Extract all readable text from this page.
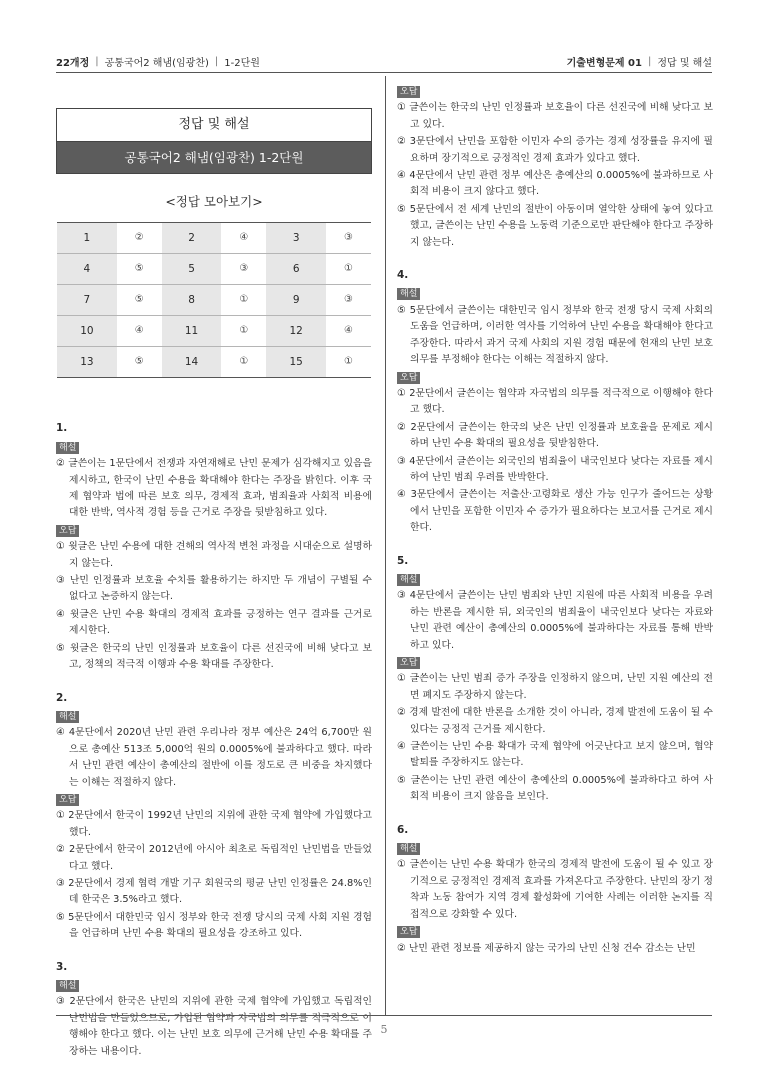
22개정 | 공통국어2 해냄(임광찬) | 1-2단원	기출변형문제 01 | 정답 및 해설
정답 및 해설
공통국어2 해냄(임광찬) 1-2단원
<정답 모아보기>
1	②	2	④	3	③
4	⑤	5	③	6	①
7	⑤	8	①	9	③
10	④	11	①	12	④
13	⑤	14	①	15	①
1.
해설
② 글쓴이는 1문단에서 전쟁과 자연재해로 난민 문제가 심각해지고 있음을 제시하고, 한국이 난민 수용을 확대해야 한다는 주장을 밝힌다. 이후 국제 협약과 법에 따른 보호 의무, 경제적 효과, 범죄율과 사회적 비용에 대한 반박, 역사적 경험 등을 근거로 주장을 뒷받침하고 있다.
오답
① 윗글은 난민 수용에 대한 견해의 역사적 변천 과정을 시대순으로 설명하지 않는다.
③ 난민 인정률과 보호율 수치를 활용하기는 하지만 두 개념이 구별될 수 없다고 논증하지 않는다.
④ 윗글은 난민 수용 확대의 경제적 효과를 긍정하는 연구 결과를 근거로 제시한다.
⑤ 윗글은 한국의 난민 인정률과 보호율이 다른 선진국에 비해 낮다고 보고, 정책의 적극적 이행과 수용 확대를 주장한다.
2.
해설
④ 4문단에서 2020년 난민 관련 우리나라 정부 예산은 24억 6,700만 원으로 총예산 513조 5,000억 원의 0.0005%에 불과하다고 했다. 따라서 난민 관련 예산이 총예산의 절반에 이를 정도로 큰 비중을 차지했다는 이해는 적절하지 않다.
오답
① 2문단에서 한국이 1992년 난민의 지위에 관한 국제 협약에 가입했다고 했다.
② 2문단에서 한국이 2012년에 아시아 최초로 독립적인 난민법을 만들었다고 했다.
③ 2문단에서 경제 협력 개발 기구 회원국의 평균 난민 인정률은 24.8%인데 한국은 3.5%라고 했다.
⑤ 5문단에서 대한민국 임시 정부와 한국 전쟁 당시의 국제 사회 지원 경험을 언급하며 난민 수용 확대의 필요성을 강조하고 있다.
3.
해설
③ 2문단에서 한국은 난민의 지위에 관한 국제 협약에 가입했고 독립적인 난민법을 만들었으므로, 가입된 협약과 자국법의 의무를 적극적으로 이행해야 한다고 했다. 이는 난민 보호 의무에 근거해 난민 수용 확대를 주장하는 내용이다.
오답
① 글쓴이는 한국의 난민 인정률과 보호율이 다른 선진국에 비해 낮다고 보고 있다.
② 3문단에서 난민을 포함한 이민자 수의 증가는 경제 성장률을 유지에 필요하며 장기적으로 긍정적인 경제 효과가 있다고 했다.
④ 4문단에서 난민 관련 정부 예산은 총예산의 0.0005%에 불과하므로 사회적 비용이 크지 않다고 했다.
⑤ 5문단에서 전 세계 난민의 절반이 아동이며 열악한 상태에 놓여 있다고 했고, 글쓴이는 난민 수용을 노동력 기준으로만 판단해야 한다고 주장하지 않는다.
4.
해설
⑤ 5문단에서 글쓴이는 대한민국 임시 정부와 한국 전쟁 당시 국제 사회의 도움을 언급하며, 이러한 역사를 기억하여 난민 수용을 확대해야 한다고 주장한다. 따라서 과거 국제 사회의 지원 경험 때문에 현재의 난민 보호 의무를 부정해야 한다는 이해는 적절하지 않다.
오답
① 2문단에서 글쓴이는 협약과 자국법의 의무를 적극적으로 이행해야 한다고 했다.
② 2문단에서 글쓴이는 한국의 낮은 난민 인정률과 보호율을 문제로 제시하며 난민 수용 확대의 필요성을 뒷받침한다.
③ 4문단에서 글쓴이는 외국인의 범죄율이 내국인보다 낮다는 자료를 제시하여 난민 범죄 우려를 반박한다.
④ 3문단에서 글쓴이는 저출산·고령화로 생산 가능 인구가 줄어드는 상황에서 난민을 포함한 이민자 수 증가가 필요하다는 보고서를 근거로 제시한다.
5.
해설
③ 4문단에서 글쓴이는 난민 범죄와 난민 지원에 따른 사회적 비용을 우려하는 반론을 제시한 뒤, 외국인의 범죄율이 내국인보다 낮다는 자료와 난민 관련 예산이 총예산의 0.0005%에 불과하다는 자료를 통해 반박하고 있다.
오답
① 글쓴이는 난민 범죄 증가 주장을 인정하지 않으며, 난민 지원 예산의 전면 폐지도 주장하지 않는다.
② 경제 발전에 대한 반론을 소개한 것이 아니라, 경제 발전에 도움이 될 수 있다는 긍정적 근거를 제시한다.
④ 글쓴이는 난민 수용 확대가 국제 협약에 어긋난다고 보지 않으며, 협약 탈퇴를 주장하지도 않는다.
⑤ 글쓴이는 난민 관련 예산이 총예산의 0.0005%에 불과하다고 하여 사회적 비용이 크지 않음을 보인다.
6.
해설
① 글쓴이는 난민 수용 확대가 한국의 경제적 발전에 도움이 될 수 있고 장기적으로 긍정적인 경제적 효과를 가져온다고 주장한다. 난민의 장기 정착과 노동 참여가 지역 경제 활성화에 기여한 사례는 이러한 논지를 직접적으로 강화할 수 있다.
오답
② 난민 관련 정보를 제공하지 않는 국가의 난민 신청 건수 감소는 난민
5
